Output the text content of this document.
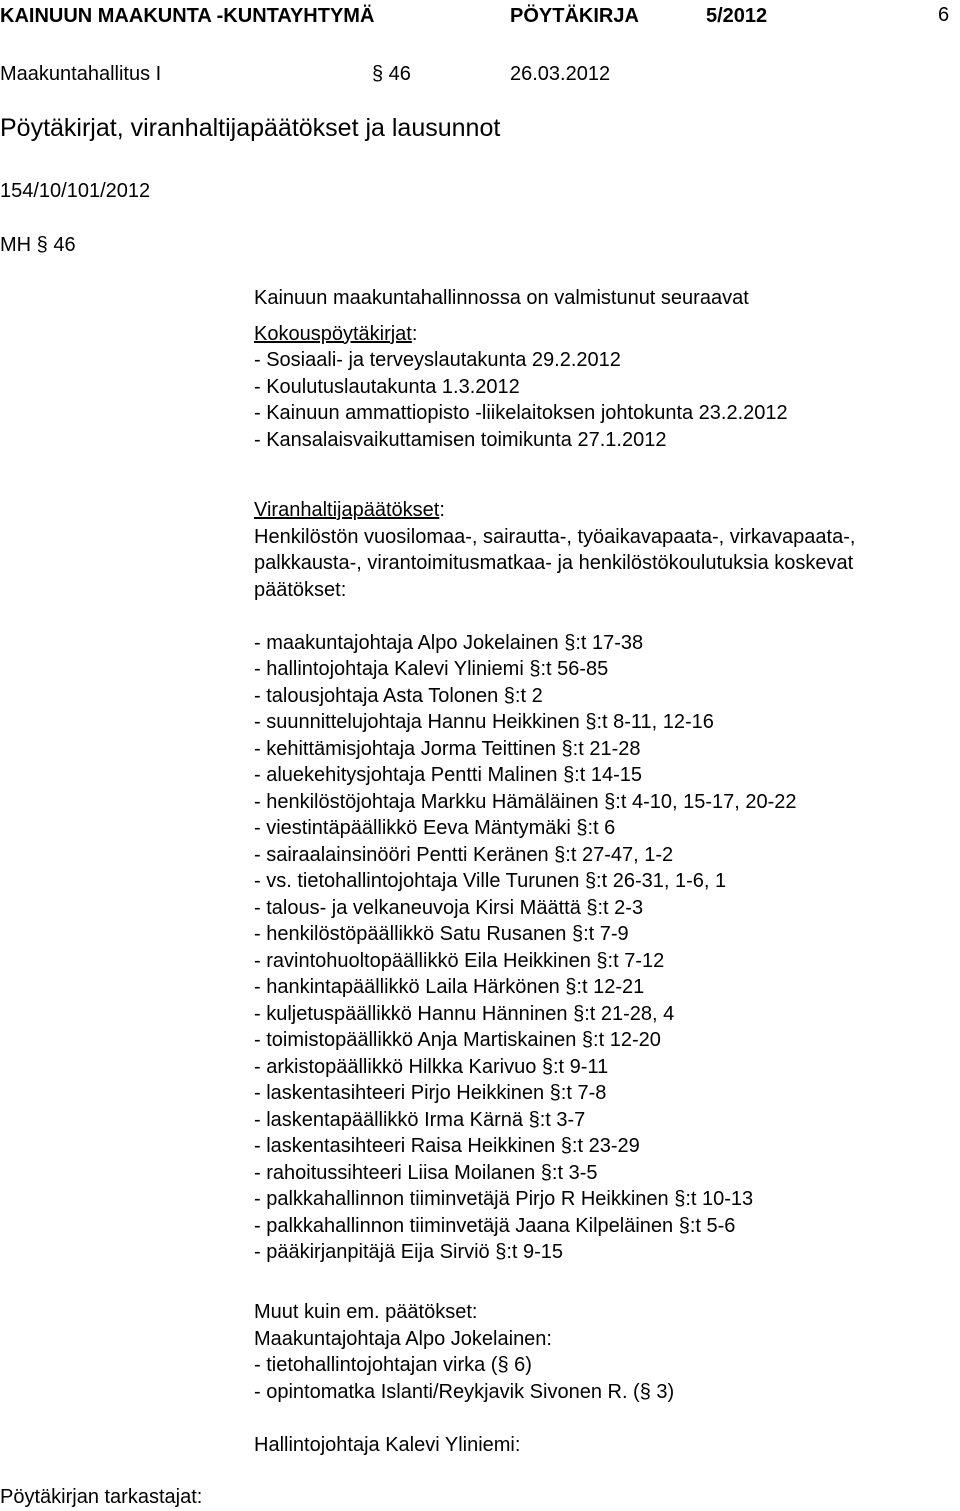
KAINUUN MAAKUNTA -KUNTAYHTYMÄ	PÖYTÄKIRJA	5/2012	6
Maakuntahallitus I	§ 46	26.03.2012
Pöytäkirjat, viranhaltijapäätökset ja lausunnot
154/10/101/2012
MH § 46
Kainuun maakuntahallinnossa on valmistunut seuraavat
Kokouspöytäkirjat:
- Sosiaali- ja terveyslautakunta 29.2.2012
- Koulutuslautakunta 1.3.2012
- Kainuun ammattiopisto -liikelaitoksen johtokunta 23.2.2012
- Kansalaisvaikuttamisen toimikunta 27.1.2012
Viranhaltijapäätökset:
Henkilöstön vuosilomaa-, sairautta-, työaikavapaata-, virkavapaata-,
palkkausta-, virantoimitusmatkaa- ja henkilöstökoulutuksia koskevat
päätökset:
- maakuntajohtaja Alpo Jokelainen §:t 17-38
- hallintojohtaja Kalevi Yliniemi §:t 56-85
- talousjohtaja Asta Tolonen §:t 2
- suunnittelujohtaja Hannu Heikkinen §:t 8-11, 12-16
- kehittämisjohtaja Jorma Teittinen §:t 21-28
- aluekehitysjohtaja Pentti Malinen §:t 14-15
- henkilöstöjohtaja Markku Hämäläinen §:t 4-10, 15-17, 20-22
- viestintäpäällikkö Eeva Mäntymäki §:t 6
- sairaalainsinööri Pentti Keränen §:t 27-47, 1-2
- vs. tietohallintojohtaja Ville Turunen §:t 26-31, 1-6, 1
- talous- ja velkaneuvoja Kirsi Määttä §:t 2-3
- henkilöstöpäällikkö Satu Rusanen §:t 7-9
- ravintohuoltopäällikkö Eila Heikkinen §:t 7-12
- hankintapäällikkö Laila Härkönen §:t 12-21
- kuljetuspäällikkö Hannu Hänninen §:t 21-28, 4
- toimistopäällikkö Anja Martiskainen §:t 12-20
- arkistopäällikkö Hilkka Karivuo §:t 9-11
- laskentasihteeri Pirjo Heikkinen §:t 7-8
- laskentapäällikkö Irma Kärnä §:t 3-7
- laskentasihteeri Raisa Heikkinen §:t 23-29
- rahoitussihteeri Liisa Moilanen §:t 3-5
- palkkahallinnon tiiminvetäjä Pirjo R Heikkinen §:t 10-13
- palkkahallinnon tiiminvetäjä Jaana Kilpeläinen §:t 5-6
- pääkirjanpitäjä Eija Sirviö §:t 9-15
Muut kuin em. päätökset:
Maakuntajohtaja Alpo Jokelainen:
- tietohallintojohtajan virka (§ 6)
- opintomatka Islanti/Reykjavik Sivonen R. (§ 3)
Hallintojohtaja Kalevi Yliniemi:
Pöytäkirjan tarkastajat:
